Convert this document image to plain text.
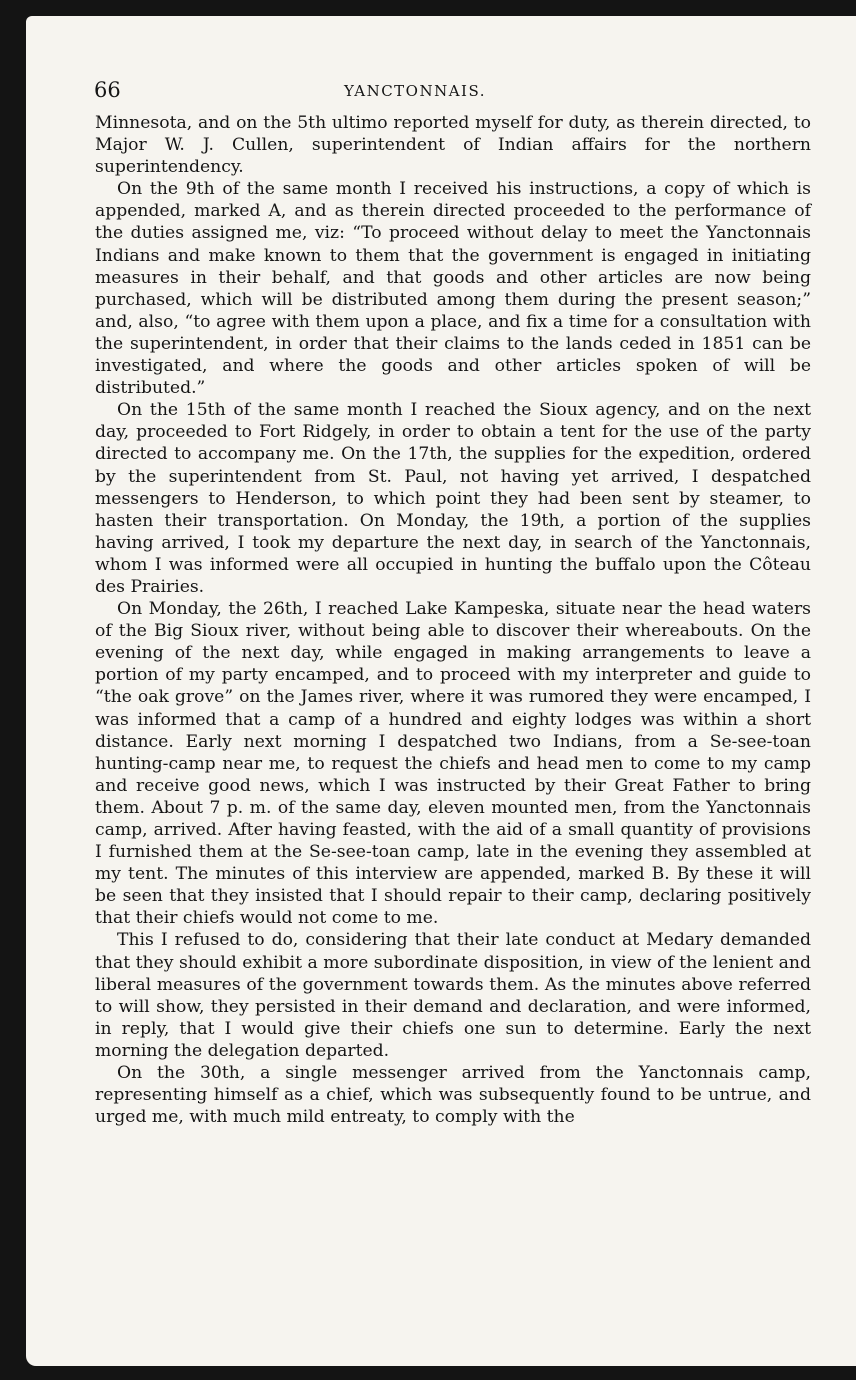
66	YANCTONNAIS.

Minnesota, and on the 5th ultimo reported myself for duty, as therein directed, to Major W. J. Cullen, superintendent of Indian affairs for the northern superintendency.

On the 9th of the same month I received his instructions, a copy of which is appended, marked A, and as therein directed proceeded to the performance of the duties assigned me, viz: “To proceed without delay to meet the Yanctonnais Indians and make known to them that the government is engaged in initiating measures in their behalf, and that goods and other articles are now being purchased, which will be distributed among them during the present season;” and, also, “to agree with them upon a place, and fix a time for a consultation with the superintendent, in order that their claims to the lands ceded in 1851 can be investigated, and where the goods and other articles spoken of will be distributed.”

On the 15th of the same month I reached the Sioux agency, and on the next day, proceeded to Fort Ridgely, in order to obtain a tent for the use of the party directed to accompany me. On the 17th, the supplies for the expedition, ordered by the superintendent from St. Paul, not having yet arrived, I despatched messengers to Henderson, to which point they had been sent by steamer, to hasten their transportation. On Monday, the 19th, a portion of the supplies having arrived, I took my departure the next day, in search of the Yanctonnais, whom I was informed were all occupied in hunting the buffalo upon the Côteau des Prairies.

On Monday, the 26th, I reached Lake Kampeska, situate near the head waters of the Big Sioux river, without being able to discover their whereabouts. On the evening of the next day, while engaged in making arrangements to leave a portion of my party encamped, and to proceed with my interpreter and guide to “the oak grove” on the James river, where it was rumored they were encamped, I was informed that a camp of a hundred and eighty lodges was within a short distance. Early next morning I despatched two Indians, from a Se-see-toan hunting-camp near me, to request the chiefs and head men to come to my camp and receive good news, which I was instructed by their Great Father to bring them. About 7 p. m. of the same day, eleven mounted men, from the Yanctonnais camp, arrived. After having feasted, with the aid of a small quantity of provisions I furnished them at the Se-see-toan camp, late in the evening they assembled at my tent. The minutes of this interview are appended, marked B. By these it will be seen that they insisted that I should repair to their camp, declaring positively that their chiefs would not come to me.

This I refused to do, considering that their late conduct at Medary demanded that they should exhibit a more subordinate disposition, in view of the lenient and liberal measures of the government towards them. As the minutes above referred to will show, they persisted in their demand and declaration, and were informed, in reply, that I would give their chiefs one sun to determine. Early the next morning the delegation departed.

On the 30th, a single messenger arrived from the Yanctonnais camp, representing himself as a chief, which was subsequently found to be untrue, and urged me, with much mild entreaty, to comply with the
